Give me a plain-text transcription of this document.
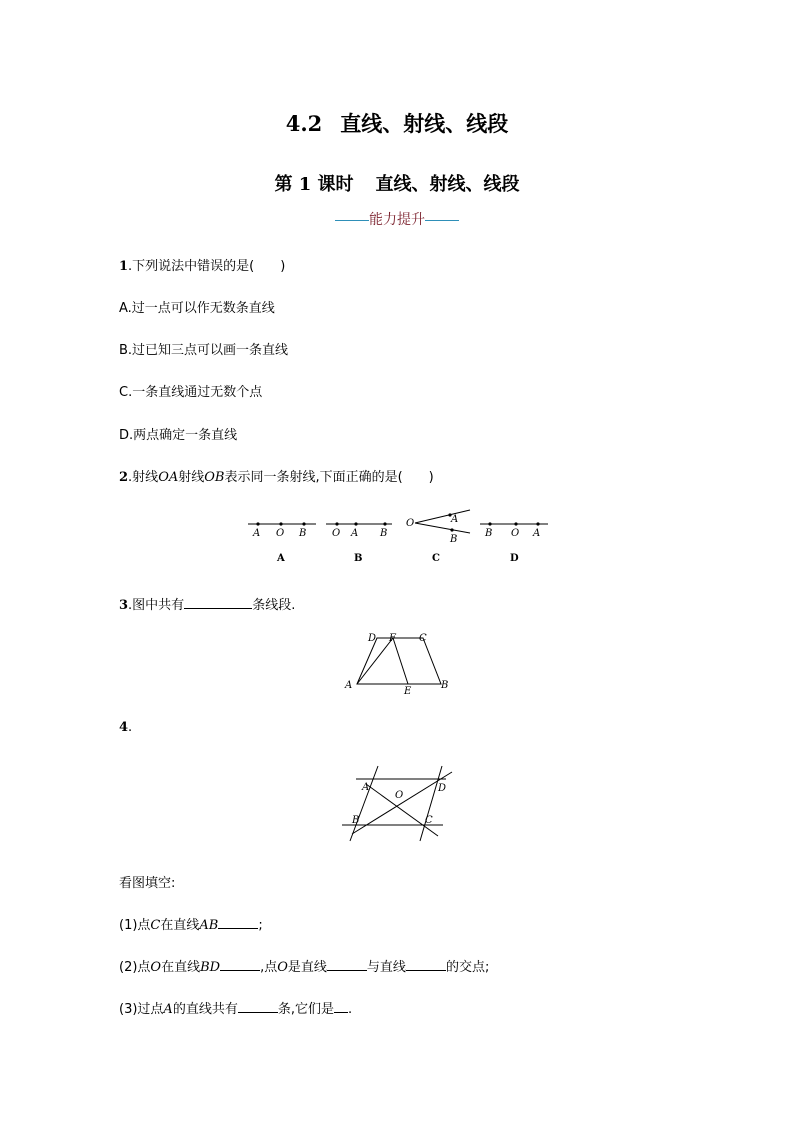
4.2 直线、射线、线段
第 1 课时 直线、射线、线段
能力提升
1.下列说法中错误的是(　　)
A.过一点可以作无数条直线
B.过已知三点可以画一条直线
C.一条直线通过无数个点
D.两点确定一条直线
2.射线OA射线OB表示同一条射线,下面正确的是(　　)
A O B
A
O A B
B
O	A
B
C
B O A
D
3.图中共有	条线段.
D F C
A
E
B
4.
A
O
D
B	C
看图填空:
(1)点C在直线AB	;
(2)点O在直线BD	,点O是直线	与直线	的交点;
(3)过点A的直线共有	条,它们是 .
